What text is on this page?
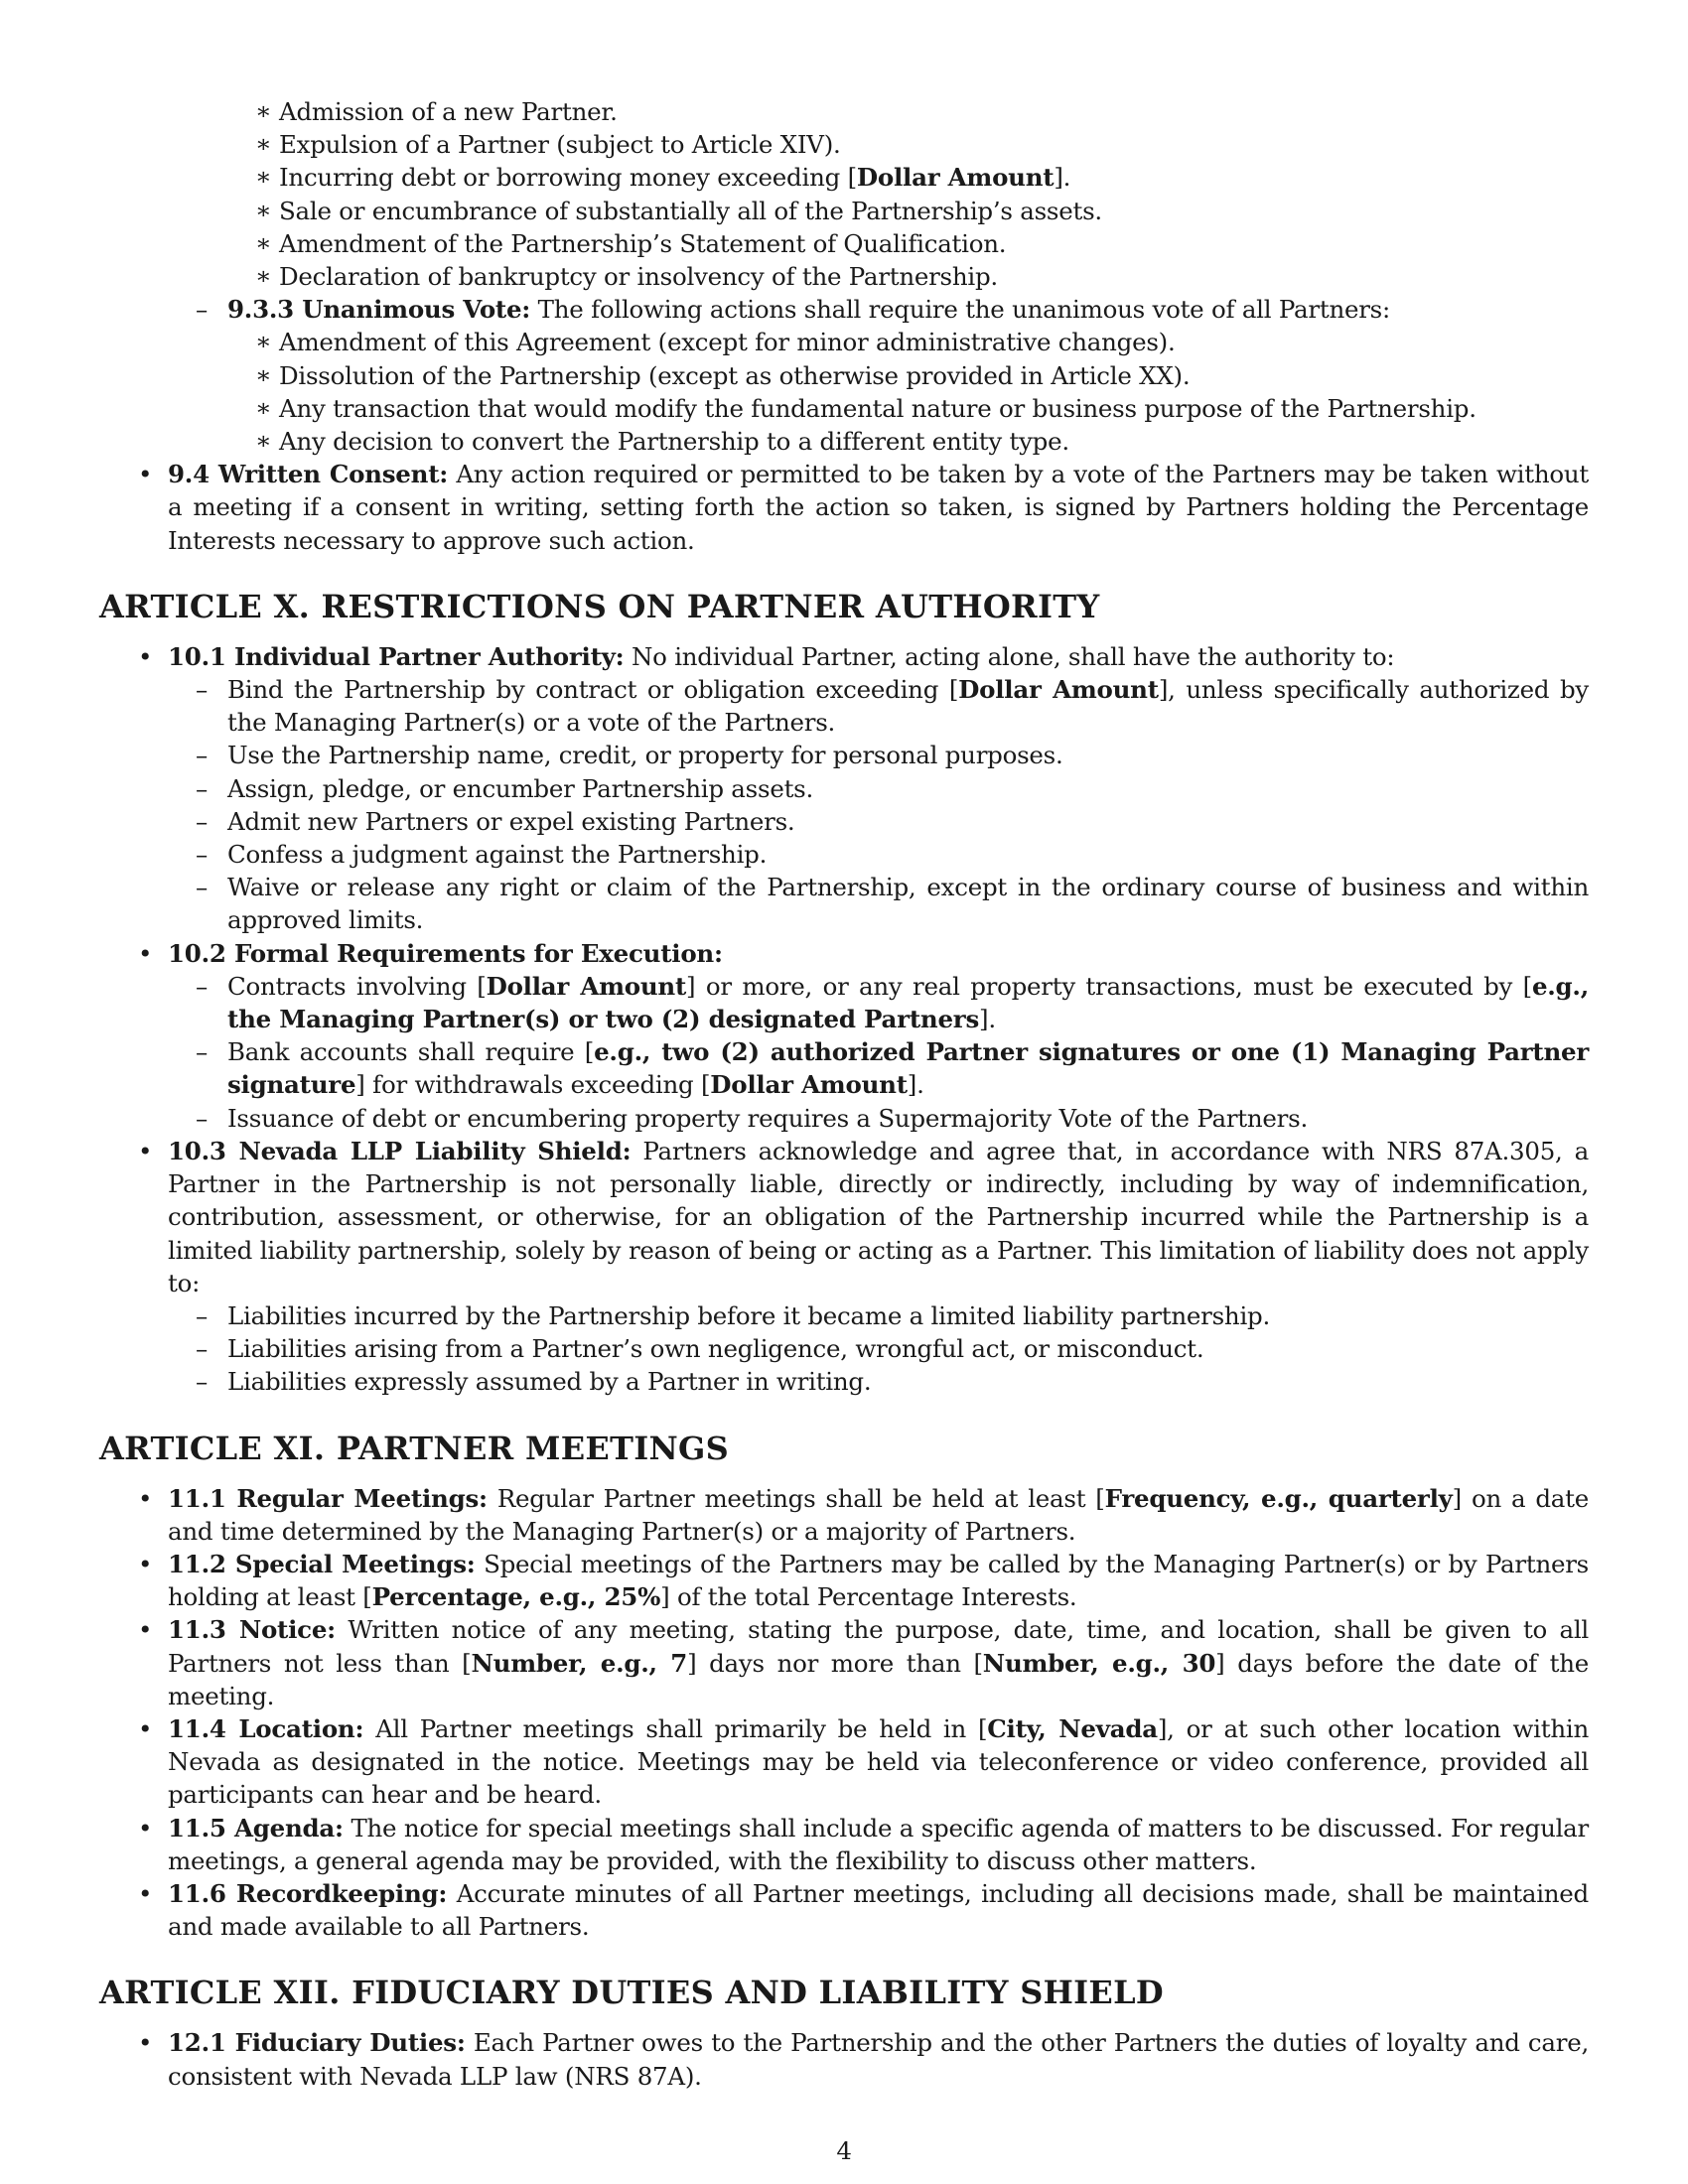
∗ Admission of a new Partner.
∗ Expulsion of a Partner (subject to Article XIV).
∗ Incurring debt or borrowing money exceeding [Dollar Amount].
∗ Sale or encumbrance of substantially all of the Partnership’s assets.
∗ Amendment of the Partnership’s Statement of Qualification.
∗ Declaration of bankruptcy or insolvency of the Partnership.
– 9.3.3 Unanimous Vote: The following actions shall require the unanimous vote of all Partners:
∗ Amendment of this Agreement (except for minor administrative changes).
∗ Dissolution of the Partnership (except as otherwise provided in Article XX).
∗ Any transaction that would modify the fundamental nature or business purpose of the Partnership.
∗ Any decision to convert the Partnership to a different entity type.
• 9.4 Written Consent: Any action required or permitted to be taken by a vote of the Partners may be taken without a meeting if a consent in writing, setting forth the action so taken, is signed by Partners holding the Percentage Interests necessary to approve such action.
ARTICLE X. RESTRICTIONS ON PARTNER AUTHORITY
• 10.1 Individual Partner Authority: No individual Partner, acting alone, shall have the authority to:
– Bind the Partnership by contract or obligation exceeding [Dollar Amount], unless specifically authorized by the Managing Partner(s) or a vote of the Partners.
– Use the Partnership name, credit, or property for personal purposes.
– Assign, pledge, or encumber Partnership assets.
– Admit new Partners or expel existing Partners.
– Confess a judgment against the Partnership.
– Waive or release any right or claim of the Partnership, except in the ordinary course of business and within approved limits.
• 10.2 Formal Requirements for Execution:
– Contracts involving [Dollar Amount] or more, or any real property transactions, must be executed by [e.g., the Managing Partner(s) or two (2) designated Partners].
– Bank accounts shall require [e.g., two (2) authorized Partner signatures or one (1) Managing Partner signature] for withdrawals exceeding [Dollar Amount].
– Issuance of debt or encumbering property requires a Supermajority Vote of the Partners.
• 10.3 Nevada LLP Liability Shield: Partners acknowledge and agree that, in accordance with NRS 87A.305, a Partner in the Partnership is not personally liable, directly or indirectly, including by way of indemnification, contribution, assessment, or otherwise, for an obligation of the Partnership incurred while the Partnership is a limited liability partnership, solely by reason of being or acting as a Partner. This limitation of liability does not apply to:
– Liabilities incurred by the Partnership before it became a limited liability partnership.
– Liabilities arising from a Partner’s own negligence, wrongful act, or misconduct.
– Liabilities expressly assumed by a Partner in writing.
ARTICLE XI. PARTNER MEETINGS
• 11.1 Regular Meetings: Regular Partner meetings shall be held at least [Frequency, e.g., quarterly] on a date and time determined by the Managing Partner(s) or a majority of Partners.
• 11.2 Special Meetings: Special meetings of the Partners may be called by the Managing Partner(s) or by Partners holding at least [Percentage, e.g., 25%] of the total Percentage Interests.
• 11.3 Notice: Written notice of any meeting, stating the purpose, date, time, and location, shall be given to all Partners not less than [Number, e.g., 7] days nor more than [Number, e.g., 30] days before the date of the meeting.
• 11.4 Location: All Partner meetings shall primarily be held in [City, Nevada], or at such other location within Nevada as designated in the notice. Meetings may be held via teleconference or video conference, provided all participants can hear and be heard.
• 11.5 Agenda: The notice for special meetings shall include a specific agenda of matters to be discussed. For regular meetings, a general agenda may be provided, with the flexibility to discuss other matters.
• 11.6 Recordkeeping: Accurate minutes of all Partner meetings, including all decisions made, shall be maintained and made available to all Partners.
ARTICLE XII. FIDUCIARY DUTIES AND LIABILITY SHIELD
• 12.1 Fiduciary Duties: Each Partner owes to the Partnership and the other Partners the duties of loyalty and care, consistent with Nevada LLP law (NRS 87A).
4
